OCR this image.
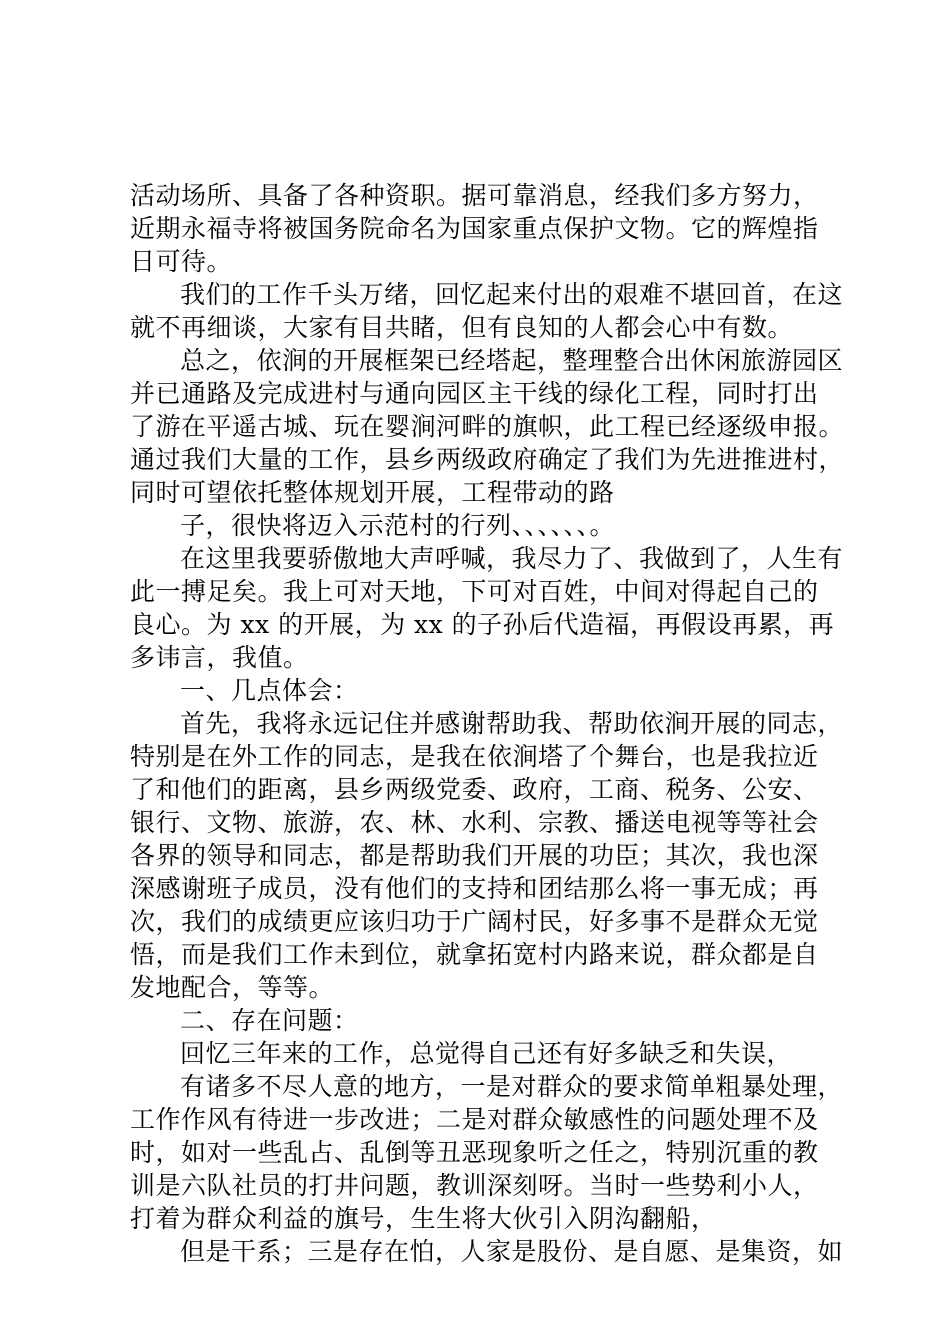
活动场所、具备了各种资职。据可靠消息，经我们多方努力，
近期永福寺将被国务院命名为国家重点保护文物。它的辉煌指
日可待。
我们的工作千头万绪，回忆起来付出的艰难不堪回首，在这
就不再细谈，大家有目共睹，但有良知的人都会心中有数。
总之，依涧的开展框架已经塔起，整理整合出休闲旅游园区
并已通路及完成进村与通向园区主干线的绿化工程，同时打出
了游在平遥古城、玩在婴涧河畔的旗帜，此工程已经逐级申报。
通过我们大量的工作，县乡两级政府确定了我们为先进推进村，
同时可望依托整体规划开展，工程带动的路
子，很快将迈入示范村的行列、、、、、、。
在这里我要骄傲地大声呼喊，我尽力了、我做到了，人生有
此一搏足矣。我上可对天地，下可对百姓，中间对得起自己的
良心。为 xx 的开展，为 xx 的子孙后代造福，再假设再累，再
多讳言，我值。
一、几点体会：
首先，我将永远记住并感谢帮助我、帮助依涧开展的同志，
特别是在外工作的同志，是我在依涧塔了个舞台，也是我拉近
了和他们的距离，县乡两级党委、政府，工商、税务、公安、
银行、文物、旅游，农、林、水利、宗教、播送电视等等社会
各界的领导和同志，都是帮助我们开展的功臣；其次，我也深
深感谢班子成员，没有他们的支持和团结那么将一事无成；再
次，我们的成绩更应该归功于广阔村民，好多事不是群众无觉
悟，而是我们工作未到位，就拿拓宽村内路来说，群众都是自
发地配合，等等。
二、存在问题：
回忆三年来的工作，总觉得自己还有好多缺乏和失误，
有诸多不尽人意的地方，一是对群众的要求简单粗暴处理，
工作作风有待进一步改进；二是对群众敏感性的问题处理不及
时，如对一些乱占、乱倒等丑恶现象听之任之，特别沉重的教
训是六队社员的打井问题，教训深刻呀。当时一些势利小人，
打着为群众利益的旗号，生生将大伙引入阴沟翻船，
但是干系；三是存在怕，人家是股份、是自愿、是集资，如
